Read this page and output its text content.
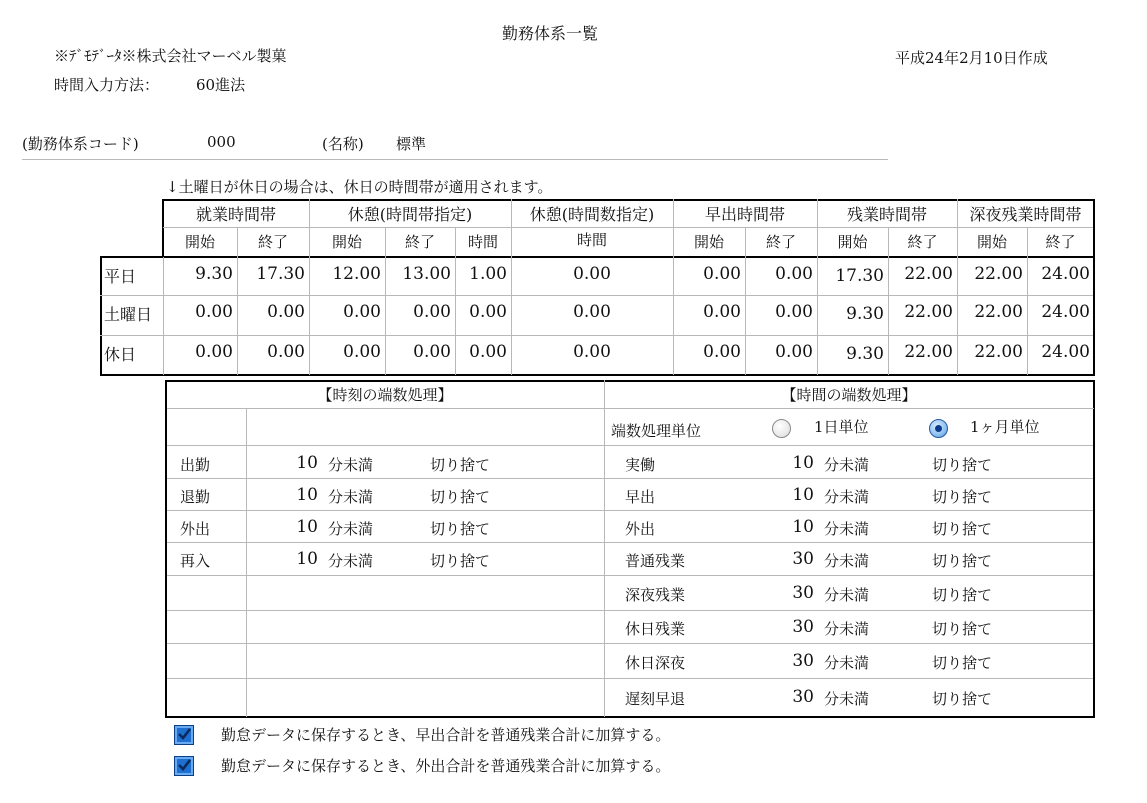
勤務体系一覧
※ﾃﾞﾓﾃﾞｰﾀ※株式会社マーベル製菓	平成24年2月10日作成
時間入力方法： 60進法
(勤務体系コード)	000	(名称) 標準
↓土曜日が休日の場合は、休日の時間帯が適用されます。
就業時間帯	休憩(時間帯指定)	休憩(時間数指定)	早出時間帯	残業時間帯	深夜残業時間帯
開始	終了	開始	終了	時間	時間	開始	終了	開始	終了	開始	終了
平日	9.30	17.30	12.00	13.00	1.00	0.00	0.00	0.00	17.30	22.00	22.00	24.00
土曜日	0.00	0.00	0.00	0.00	0.00	0.00	0.00	0.00	9.30	22.00	22.00	24.00
休日	0.00	0.00	0.00	0.00	0.00	0.00	0.00	0.00	9.30	22.00	22.00	24.00
【時刻の端数処理】	【時間の端数処理】
出勤	10 分未満	切り捨て
退勤	10 分未満	切り捨て
外出	10 分未満	切り捨て
再入	10 分未満	切り捨て
端数処理単位	1日単位	1ヶ月単位
実働	10 分未満	切り捨て
早出	10 分未満	切り捨て
外出	10 分未満	切り捨て
普通残業	30 分未満	切り捨て
深夜残業	30 分未満	切り捨て
休日残業	30 分未満	切り捨て
休日深夜	30 分未満	切り捨て
遅刻早退	30 分未満	切り捨て
勤怠データに保存するとき、早出合計を普通残業合計に加算する。
勤怠データに保存するとき、外出合計を普通残業合計に加算する。
